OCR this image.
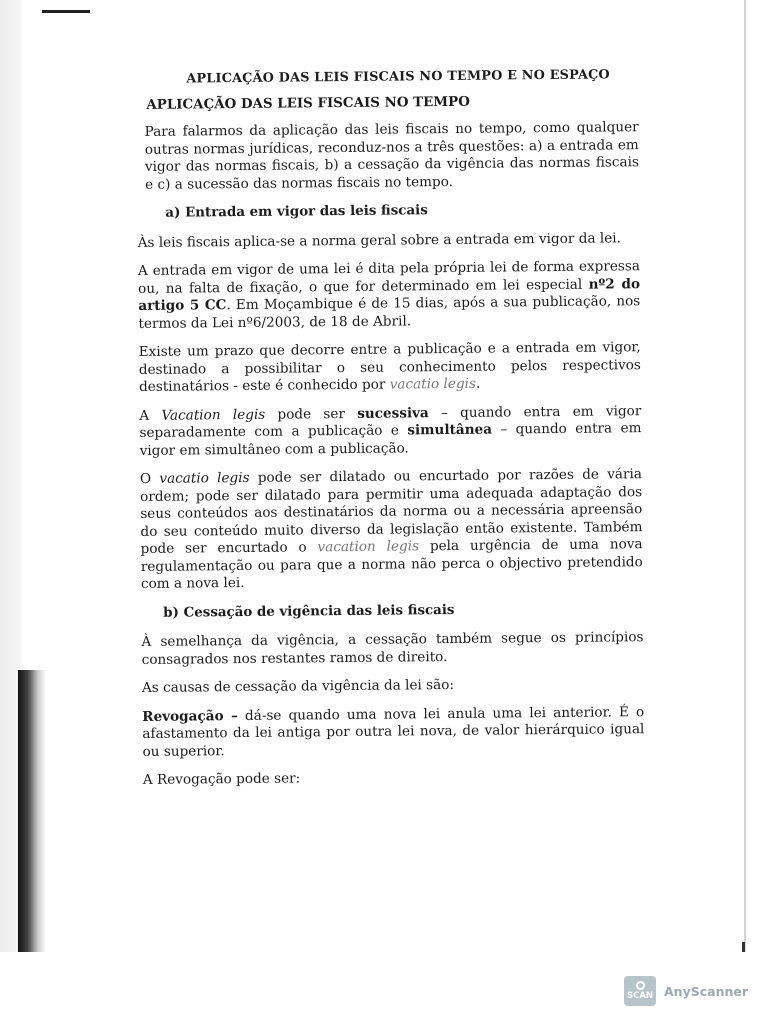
APLICAÇÃO DAS LEIS FISCAIS NO TEMPO E NO ESPAÇO
APLICAÇÃO DAS LEIS FISCAIS NO TEMPO

Para falarmos da aplicação das leis fiscais no tempo, como qualquer outras normas jurídicas, reconduz-nos a três questões: a) a entrada em vigor das normas fiscais, b) a cessação da vigência das normas fiscais e c) a sucessão das normas fiscais no tempo.

a) Entrada em vigor das leis fiscais

Às leis fiscais aplica-se a norma geral sobre a entrada em vigor da lei.

A entrada em vigor de uma lei é dita pela própria lei de forma expressa ou, na falta de fixação, o que for determinado em lei especial nº2 do artigo 5 CC. Em Moçambique é de 15 dias, após a sua publicação, nos termos da Lei nº6/2003, de 18 de Abril.

Existe um prazo que decorre entre a publicação e a entrada em vigor, destinado a possibilitar o seu conhecimento pelos respectivos destinatários - este é conhecido por vacatio legis.

A Vacation legis pode ser sucessiva – quando entra em vigor separadamente com a publicação e simultânea – quando entra em vigor em simultâneo com a publicação.

O vacatio legis pode ser dilatado ou encurtado por razões de vária ordem; pode ser dilatado para permitir uma adequada adaptação dos seus conteúdos aos destinatários da norma ou a necessária apreensão do seu conteúdo muito diverso da legislação então existente. Também pode ser encurtado o vacation legis pela urgência de uma nova regulamentação ou para que a norma não perca o objectivo pretendido com a nova lei.

b) Cessação de vigência das leis fiscais

À semelhança da vigência, a cessação também segue os princípios consagrados nos restantes ramos de direito.

As causas de cessação da vigência da lei são:

Revogação – dá-se quando uma nova lei anula uma lei anterior. É o afastamento da lei antiga por outra lei nova, de valor hierárquico igual ou superior.

A Revogação pode ser:

SCAN AnyScanner
